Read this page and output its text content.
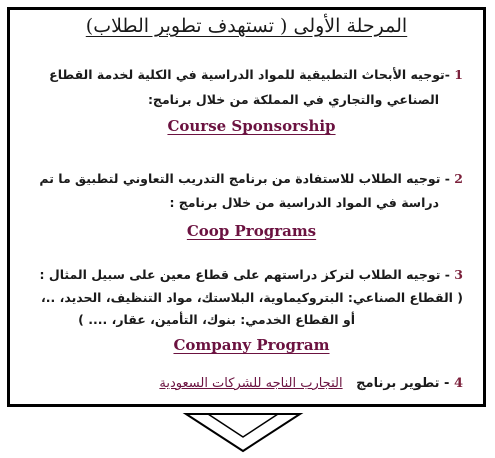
المرحلة الأولى ( تستهدف تطوير الطلاب)
1 -توجيه الأبحاث التطبيقية للمواد الدراسية في الكلية لخدمة القطاع
الصناعي والتجاري في المملكة من خلال برنامج:
Course Sponsorship
2 - توجيه الطلاب للاستفادة من برنامج التدريب التعاوني لتطبيق ما تم
دراسة في المواد الدراسية من خلال برنامج :
Coop Programs
3 - توجيه الطلاب لتركز دراستهم على قطاع معين على سبيل المثال :
( القطاع الصناعي: البتروكيماوية، البلاستك، مواد التنظيف، الحديد، ..،
أو القطاع الخدمي: بنوك، التأمين، عقار، .... )
Company Program
4 - تطوير برنامج   التجارب الناجه للشركات السعودية
